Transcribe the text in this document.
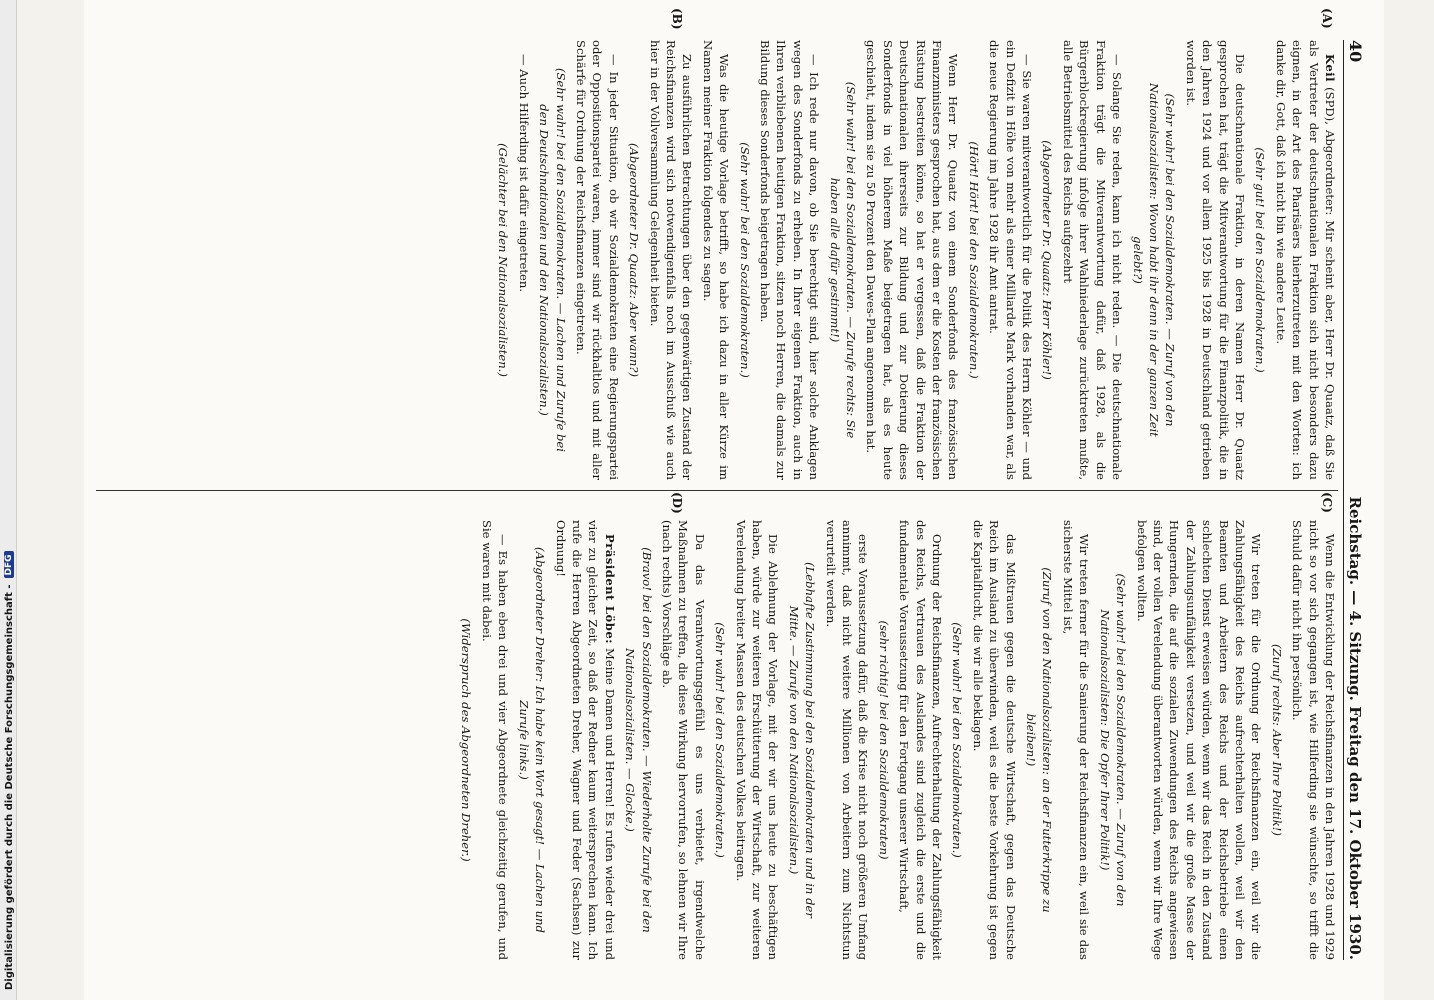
Digitalisierung gefördert durch die Deutsche Forschungsgemeinschaft -
DFG
40
Reichstag. — 4. Sitzung. Freitag den 17. Oktober 1930.
(A)
(B)
(C)
(D)

Keil (SPD), Abgeordneter: Mir scheint aber, Herr Dr. Quaatz, daß Sie als Vertreter der deutschnationalen Fraktion sich nicht besonders dazu eignen, in der Art des Pharisäers hierherzutreten mit den Worten: ich danke dir, Gott, daß ich nicht bin wie andere Leute.

(Sehr gut! bei den Sozialdemokraten.)

Die deutschnationale Fraktion, in deren Namen Herr Dr. Quaatz gesprochen hat, trägt die Mitverantwortung für die Finanzpolitik, die in den Jahren 1924 und vor allem 1925 bis 1928 in Deutschland getrieben worden ist.

(Sehr wahr! bei den Sozialdemokraten. — Zuruf von den Nationalsozialisten: Wovon habt ihr denn in der ganzen Zeit gelebt?)

— Solange Sie reden, kann ich nicht reden. — Die deutschnationale Fraktion trägt die Mitverantwortung dafür, daß 1928, als die Bürgerblockregierung infolge ihrer Wahlniederlage zurücktreten mußte, alle Betriebsmittel des Reichs aufgezehrt

(Abgeordneter Dr. Quaatz: Herr Köhler!)

— Sie waren mitverantwortlich für die Politik des Herrn Köhler — und ein Defizit in Höhe von mehr als einer Milliarde Mark vorhanden war, als die neue Regierung im Jahre 1928 ihr Amt antrat.

(Hört! Hört! bei den Sozialdemokraten.)

Wenn Herr Dr. Quaatz von einem Sonderfonds des französischen Finanzministers gesprochen hat, aus dem er die Kosten der französischen Rüstung bestreiten könne, so hat er vergessen, daß die Fraktion der Deutschnationalen ihrerseits zur Bildung und zur Dotierung dieses Sonderfonds in viel höherem Maße beigetragen hat, als es heute geschieht, indem sie zu 50 Prozent den Dawes-Plan angenommen hat.

(Sehr wahr! bei den Sozialdemokraten. — Zurufe rechts: Sie haben alle dafür gestimmt!)

— Ich rede nur davon, ob Sie berechtigt sind, hier solche Anklagen wegen des Sonderfonds zu erheben. In Ihrer eigenen Fraktion, auch in Ihren verbliebenen heutigen Fraktion, sitzen noch Herren, die damals zur Bildung dieses Sonderfonds beigetragen haben.

(Sehr wahr! bei den Sozialdemokraten.)

Was die heutige Vorlage betrifft, so habe ich dazu in aller Kürze im Namen meiner Fraktion folgendes zu sagen.

Zu ausführlichen Betrachtungen über den gegenwärtigen Zustand der Reichsfinanzen wird sich notwendigenfalls noch im Ausschuß wie auch hier in der Vollversammlung Gelegenheit bieten.

(Abgeordneter Dr. Quaatz: Aber wann?)

— In jeder Situation, ob wir Sozialdemokraten eine Regierungspartei oder Oppositionspartei waren, immer sind wir rückhaltlos und mit aller Schärfe für Ordnung der Reichsfinanzen eingetreten.

(Sehr wahr! bei den Sozialdemokraten. — Lachen und Zurufe bei den Deutschnationalen und den Nationalsozialisten.)

— Auch Hilferding ist dafür eingetreten.

(Gelächter bei den Nationalsozialisten.)

Wenn die Entwicklung der Reichsfinanzen in den Jahren 1928 und 1929 nicht so vor sich gegangen ist, wie Hilferding sie wünschte, so trifft die Schuld dafür nicht ihn persönlich.

(Zuruf rechts: Aber Ihre Politik!)

Wir treten für die Ordnung der Reichsfinanzen ein, weil wir die Zahlungsfähigkeit des Reichs aufrechterhalten wollen, weil wir den Beamten und Arbeitern des Reichs und der Reichsbetriebe einen schlechten Dienst erweisen würden, wenn wir das Reich in den Zustand der Zahlungsunfähigkeit versetzen, und weil wir die große Masse der Hungernden, die auf die sozialen Zuwendungen des Reichs angewiesen sind, der vollen Verelendung überantworten würden, wenn wir Ihre Wege befolgen wollten.

(Sehr wahr! bei den Sozialdemokraten. — Zuruf von den Nationalsozialisten: Die Opfer Ihrer Politik!)

Wir treten ferner für die Sanierung der Reichsfinanzen ein, weil sie das sicherste Mittel ist,

(Zuruf von den Nationalsozialisten: an der Futterkrippe zu bleiben!)

das Mißtrauen gegen die deutsche Wirtschaft, gegen das Deutsche Reich im Ausland zu überwinden, weil es die beste Vorkehrung ist gegen die Kapitalflucht, die wir alle beklagen.

(Sehr wahr! bei den Sozialdemokraten.)

Ordnung der Reichsfinanzen, Aufrechterhaltung der Zahlungsfähigkeit des Reichs, Vertrauen des Auslandes sind zugleich die erste und die fundamentale Voraussetzung für den Fortgang unserer Wirtschaft,

(sehr richtig! bei den Sozialdemokraten)

erste Voraussetzung dafür, daß die Krise nicht noch größeren Umfang annimmt, daß nicht weitere Millionen von Arbeitern zum Nichtstun verurteilt werden.

(Lebhafte Zustimmung bei den Sozialdemokraten und in der Mitte. — Zurufe von den Nationalsozialisten.)

Die Ablehnung der Vorlage, mit der wir uns heute zu beschäftigen haben, würde zur weiteren Erschütterung der Wirtschaft, zur weiteren Verelendung breiter Massen des deutschen Volkes beitragen.

(Sehr wahr! bei den Sozialdemokraten.)

Da das Verantwortungsgefühl es uns verbietet, irgendwelche Maßnahmen zu treffen, die diese Wirkung hervorrufen, so lehnen wir Ihre (nach rechts) Vorschläge ab.

(Bravo! bei den Sozialdemokraten. — Wiederholte Zurufe bei den Nationalsozialisten. — Glocke.)

Präsident Löbe: Meine Damen und Herren! Es rufen wieder drei und vier zu gleicher Zeit, so daß der Redner kaum weitersprechen kann. Ich rufe die Herren Abgeordneten Dreher, Wagner und Feder (Sachsen) zur Ordnung!

(Abgeordneter Dreher: Ich habe kein Wort gesagt! — Lachen und Zurufe links.)

— Es haben eben drei und vier Abgeordnete gleichzeitig gerufen, und Sie waren mit dabei.

(Widerspruch des Abgeordneten Dreher.)
